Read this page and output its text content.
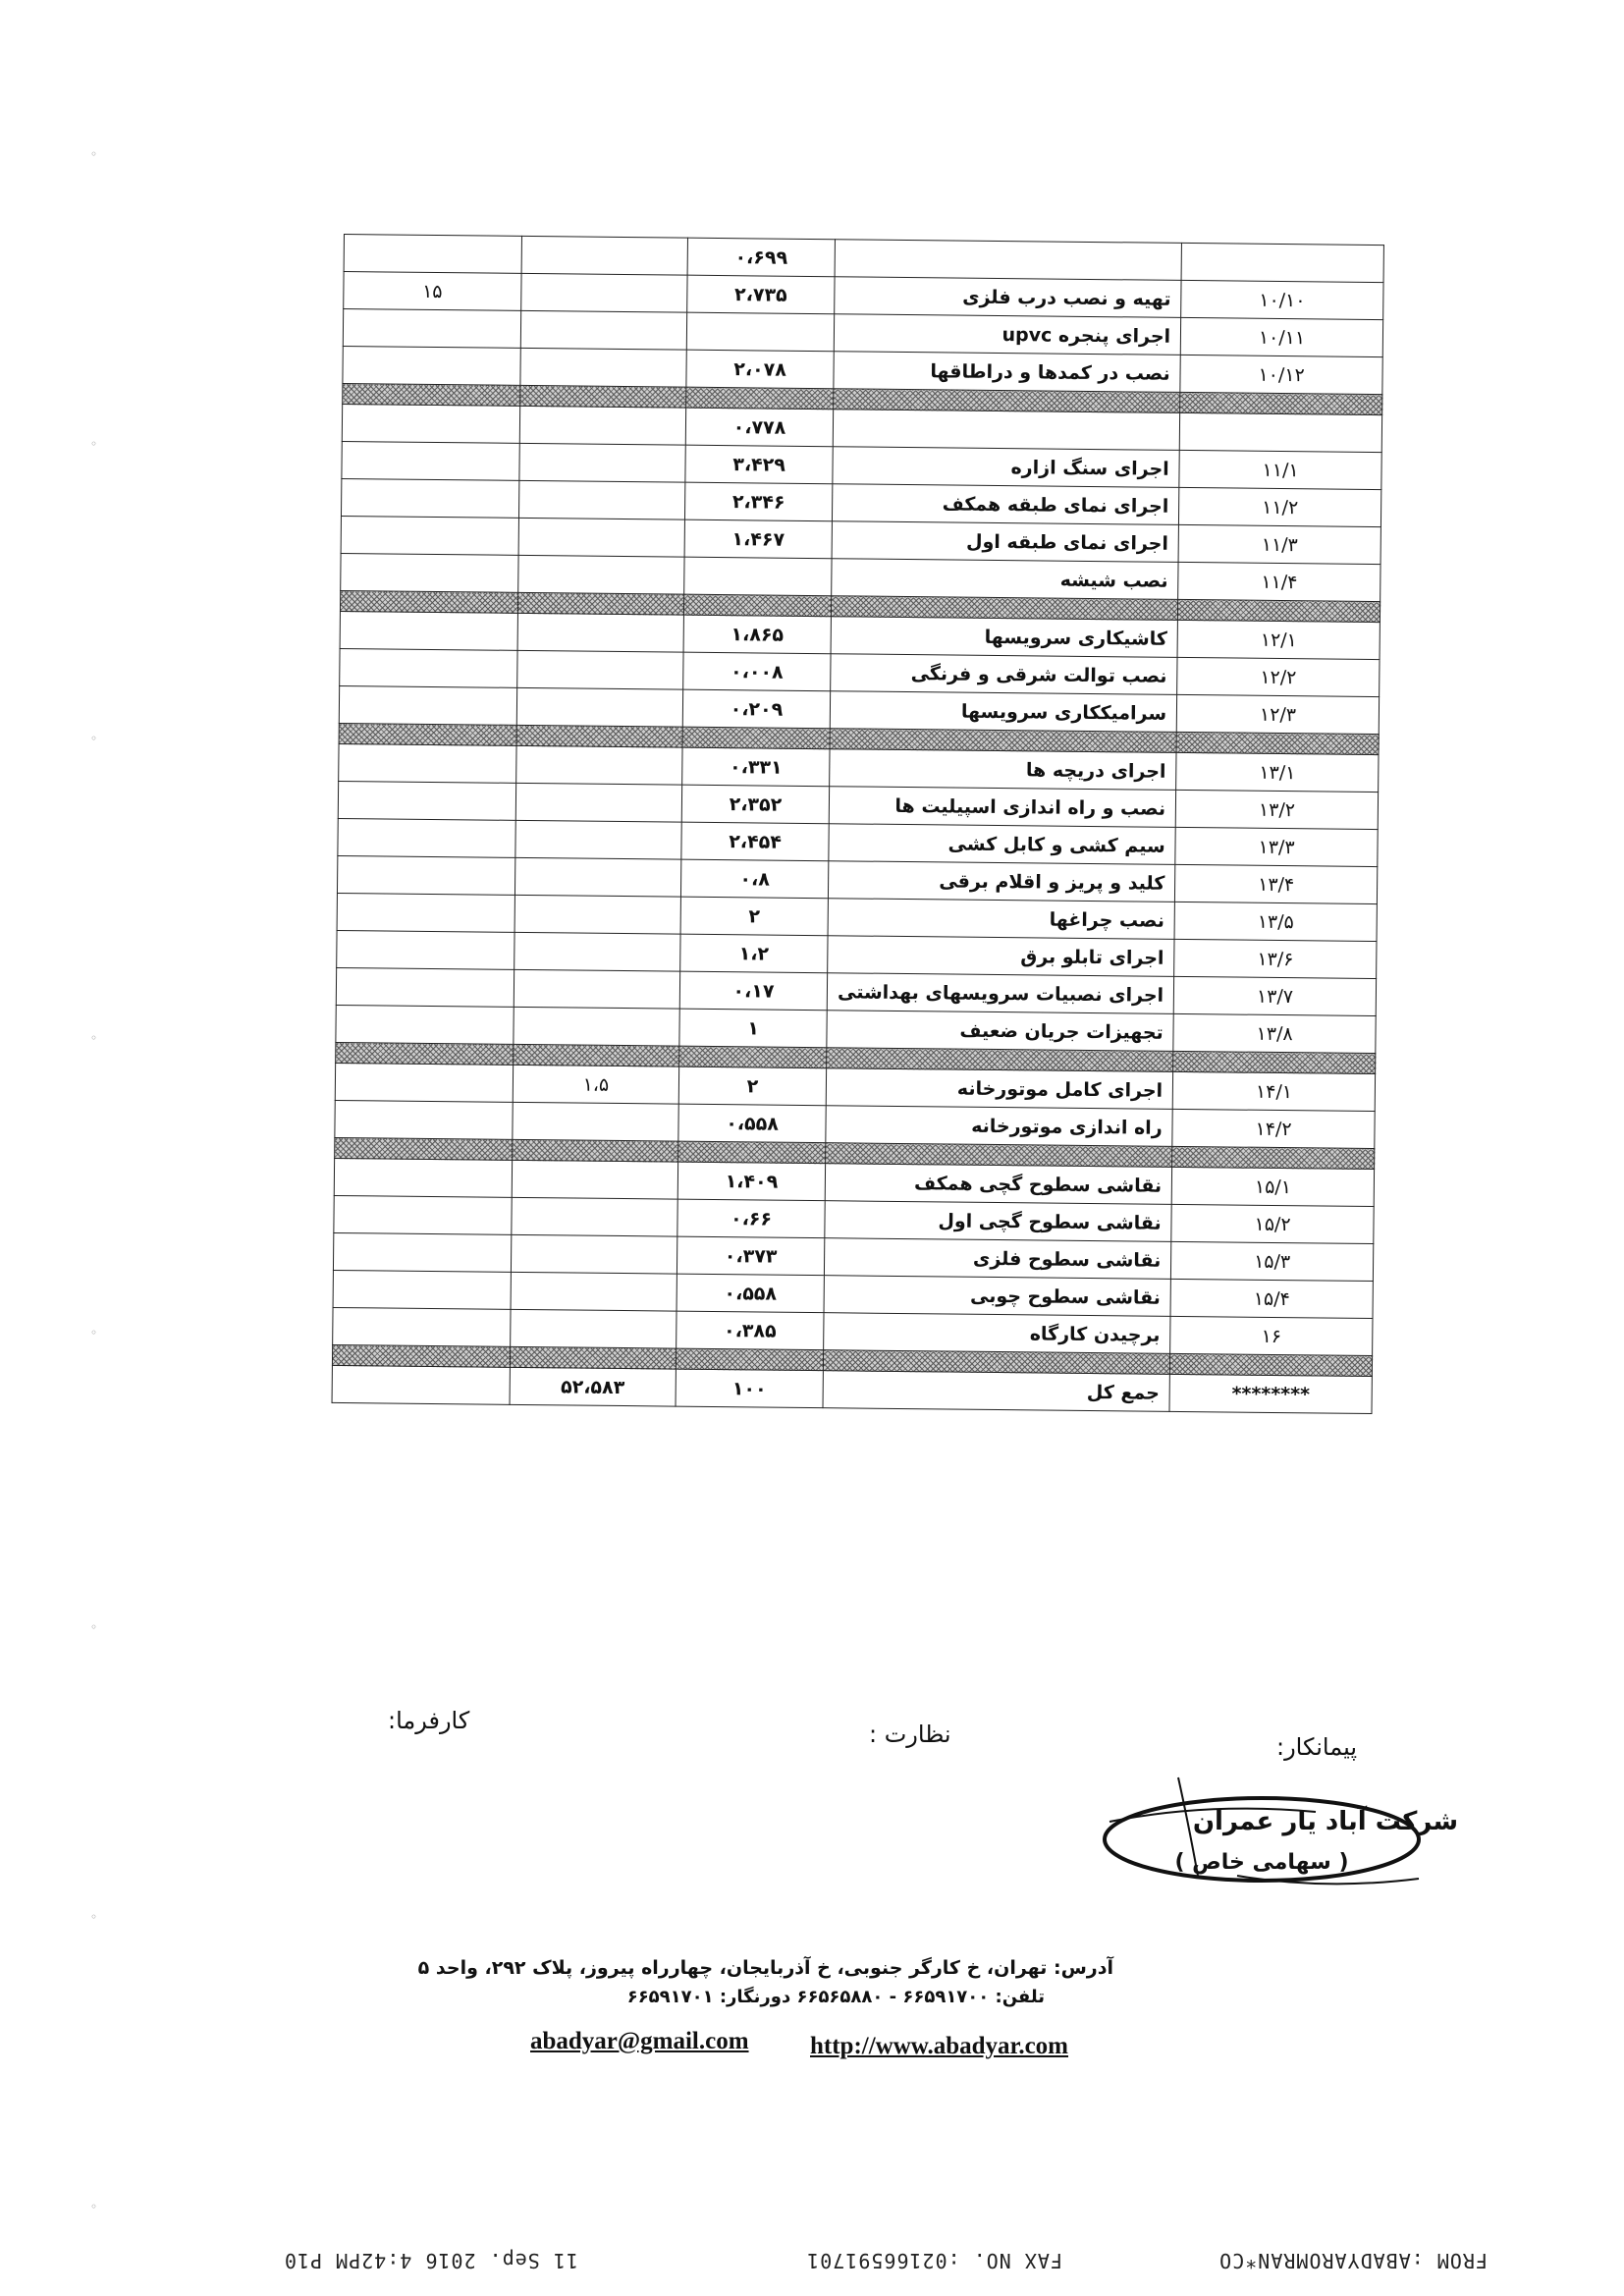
◦
◦
◦
◦
◦
◦
◦
◦
		۰،۶۹۹		
۱۰/۱۰	تهیه و نصب درب فلزی	۲،۷۳۵		۱۵
۱۰/۱۱	اجرای پنجره upvc			
۱۰/۱۲	نصب در کمدها و دراطاقها	۲،۰۷۸		

		۰،۷۷۸		
۱۱/۱	اجرای سنگ ازاره	۳،۴۲۹		
۱۱/۲	اجرای نمای طبقه همکف	۲،۳۴۶		
۱۱/۳	اجرای نمای طبقه اول	۱،۴۶۷		
۱۱/۴	نصب شیشه			

۱۲/۱	کاشیکاری سرویسها	۱،۸۶۵		
۱۲/۲	نصب توالت شرقی و فرنگی	۰،۰۰۸		
۱۲/۳	سرامیککاری سرویسها	۰،۲۰۹		

۱۳/۱	اجرای دریچه ها	۰،۳۳۱		
۱۳/۲	نصب و راه اندازی اسپیلیت ها	۲،۳۵۲		
۱۳/۳	سیم کشی و کابل کشی	۲،۴۵۴		
۱۳/۴	کلید و پریز و اقلام برقی	۰،۸		
۱۳/۵	نصب چراغها	۲		
۱۳/۶	اجرای تابلو برق	۱،۲		
۱۳/۷	اجرای نصبیات سرویسهای بهداشتی	۰،۱۷		
۱۳/۸	تجهیزات جریان ضعیف	۱		

۱۴/۱	اجرای کامل موتورخانه	۲	۱،۵	
۱۴/۲	راه اندازی موتورخانه	۰،۵۵۸		

۱۵/۱	نقاشی سطوح گچی همکف	۱،۴۰۹		
۱۵/۲	نقاشی سطوح گچی اول	۰،۶۶		
۱۵/۳	نقاشی سطوح فلزی	۰،۳۷۳		
۱۵/۴	نقاشی سطوح چوبی	۰،۵۵۸		
۱۶	برچیدن کارگاه	۰،۳۸۵		

********	جمع کل	۱۰۰	۵۲،۵۸۳	
کارفرما:	نظارت :	پیمانکار:
شرکت آباد یار عمران
( سهامی خاص )
آدرس: تهران، خ کارگر جنوبی، خ آذربایجان، چهارراه پیروز، پلاک ۲۹۲، واحد ۵
تلفن: ۶۶۵۹۱۷۰۰ - ۶۶۵۶۵۸۸۰ دورنگار: ۶۶۵۹۱۷۰۱
abadyar@gmail.com http://www.abadyar.com
FROM :ABADYAROMRAN*CO FAX NO. :02166591701 11 Sep. 2016 4:42PM P10
